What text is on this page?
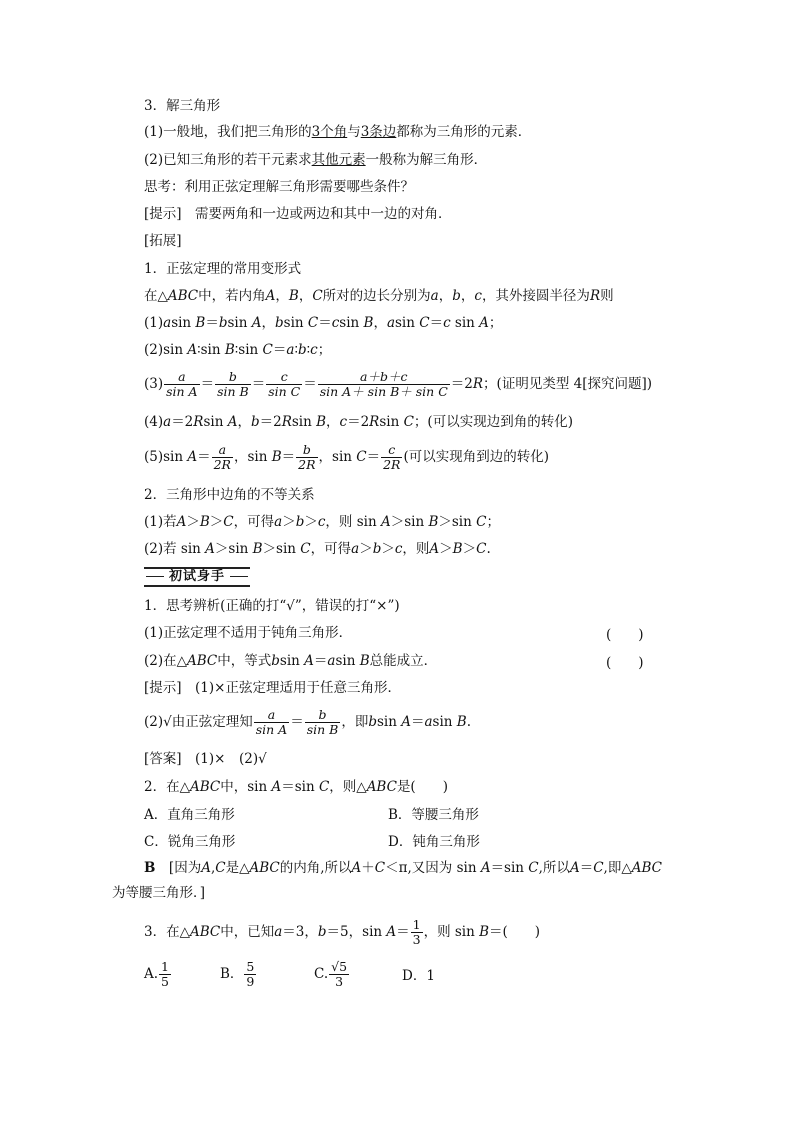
3．解三角形
(1)一般地，我们把三角形的3个角与3条边都称为三角形的元素．
(2)已知三角形的若干元素求其他元素一般称为解三角形．
思考：利用正弦定理解三角形需要哪些条件？
[提示]　需要两角和一边或两边和其中一边的对角．
[拓展]
1．正弦定理的常用变形式
在△ABC中，若内角A，B，C所对的边长分别为a，b，c，其外接圆半径为R则
(1)asin B＝bsin A，bsin C＝csin B，asin C＝c sin A；
(2)sin A∶sin B∶sin C＝a∶b∶c；
$(3) \frac{a}{\text{sin A}} = \frac{b}{\text{sin B}} = \frac{c}{\text{sin C}} = \frac{a+b+c}{\text{sin A＋ sin B＋ sin C}} =2R$；(证明见类型 4[探究问题])
(4)a＝2Rsin A，b＝2Rsin B，c＝2Rsin C；(可以实现边到角的转化)
(5)sin $A= \frac{a}{2R}$ ，$\sin B= \frac{b}{2R}$ ，$\sin C= \frac{c}{2R}$ (可以实现角到边的转化)
2．三角形中边角的不等关系
(1)若A＞B＞C，可得a＞b＞c，则 sin A＞sin B＞sin C；
(2)若 sin A＞sin B＞sin C，可得a＞b＞c，则A＞B＞C.
初试身手
1．思考辨析(正确的打“√”，错误的打“×”)
(1)正弦定理不适用于钝角三角形．	(　　)
(2)在△ABC中，等式bsin A＝asin B总能成立．	(　　)
[提示]　(1)×正弦定理适用于任意三角形．
(2)√由正弦定理知 $\frac{a}{\text{sin A}} = \frac{b}{\text{sin B}}$ ，即bsin A＝asin B.
[答案]　(1)×　(2)√
2．在△ABC中，sin A＝sin C，则△ABC是(　　)
A．直角三角形	B．等腰三角形
C．锐角三角形	D．钝角三角形
B　[因为A,C是△ABC的内角,所以A＋C＜π,又因为 sin A＝sin C,所以A＝C,即△ABC
为等腰三角形．]
3．在△ABC中，已知a＝3，b＝5，$\sin A= \frac{1}{3}$ ，则 sin B＝(　　)
A. $\frac{1}{5}$	B． $\frac{5}{9}$	C. $\frac{√5}{3}$	D．1
